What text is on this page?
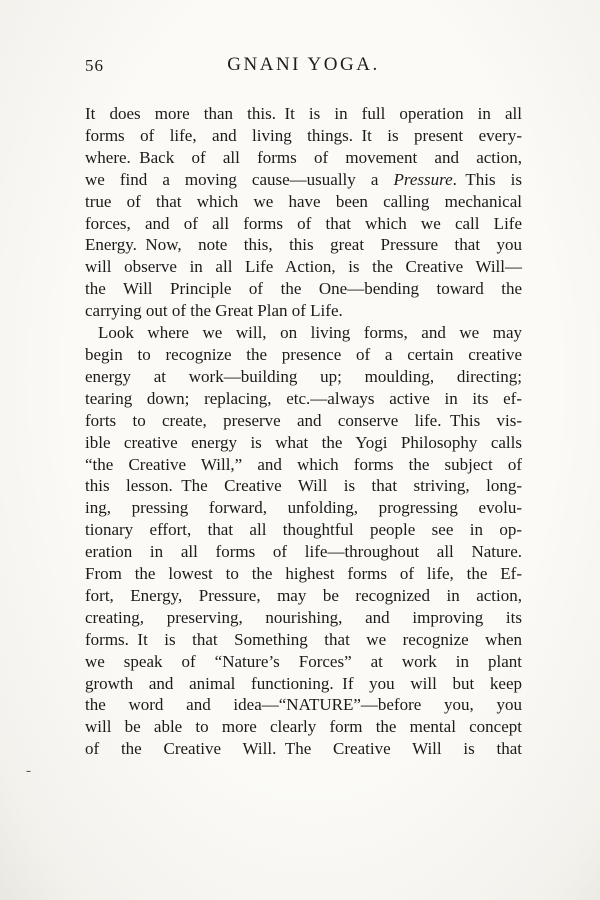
56	GNANI YOGA.
It does more than this. It is in full operation in all
forms of life, and living things. It is present every-
where. Back of all forms of movement and action,
we find a moving cause—usually a Pressure. This is
true of that which we have been calling mechanical
forces, and of all forms of that which we call Life
Energy. Now, note this, this great Pressure that you
will observe in all Life Action, is the Creative Will—
the Will Principle of the One—bending toward the
carrying out of the Great Plan of Life.
Look where we will, on living forms, and we may
begin to recognize the presence of a certain creative
energy at work—building up; moulding, directing;
tearing down; replacing, etc.—always active in its ef-
forts to create, preserve and conserve life. This vis-
ible creative energy is what the Yogi Philosophy calls
“the Creative Will,” and which forms the subject of
this lesson. The Creative Will is that striving, long-
ing, pressing forward, unfolding, progressing evolu-
tionary effort, that all thoughtful people see in op-
eration in all forms of life—throughout all Nature.
From the lowest to the highest forms of life, the Ef-
fort, Energy, Pressure, may be recognized in action,
creating, preserving, nourishing, and improving its
forms. It is that Something that we recognize when
we speak of “Nature’s Forces” at work in plant
growth and animal functioning. If you will but keep
the word and idea—“NATURE”—before you, you
will be able to more clearly form the mental concept
of the Creative Will. The Creative Will is that
-
